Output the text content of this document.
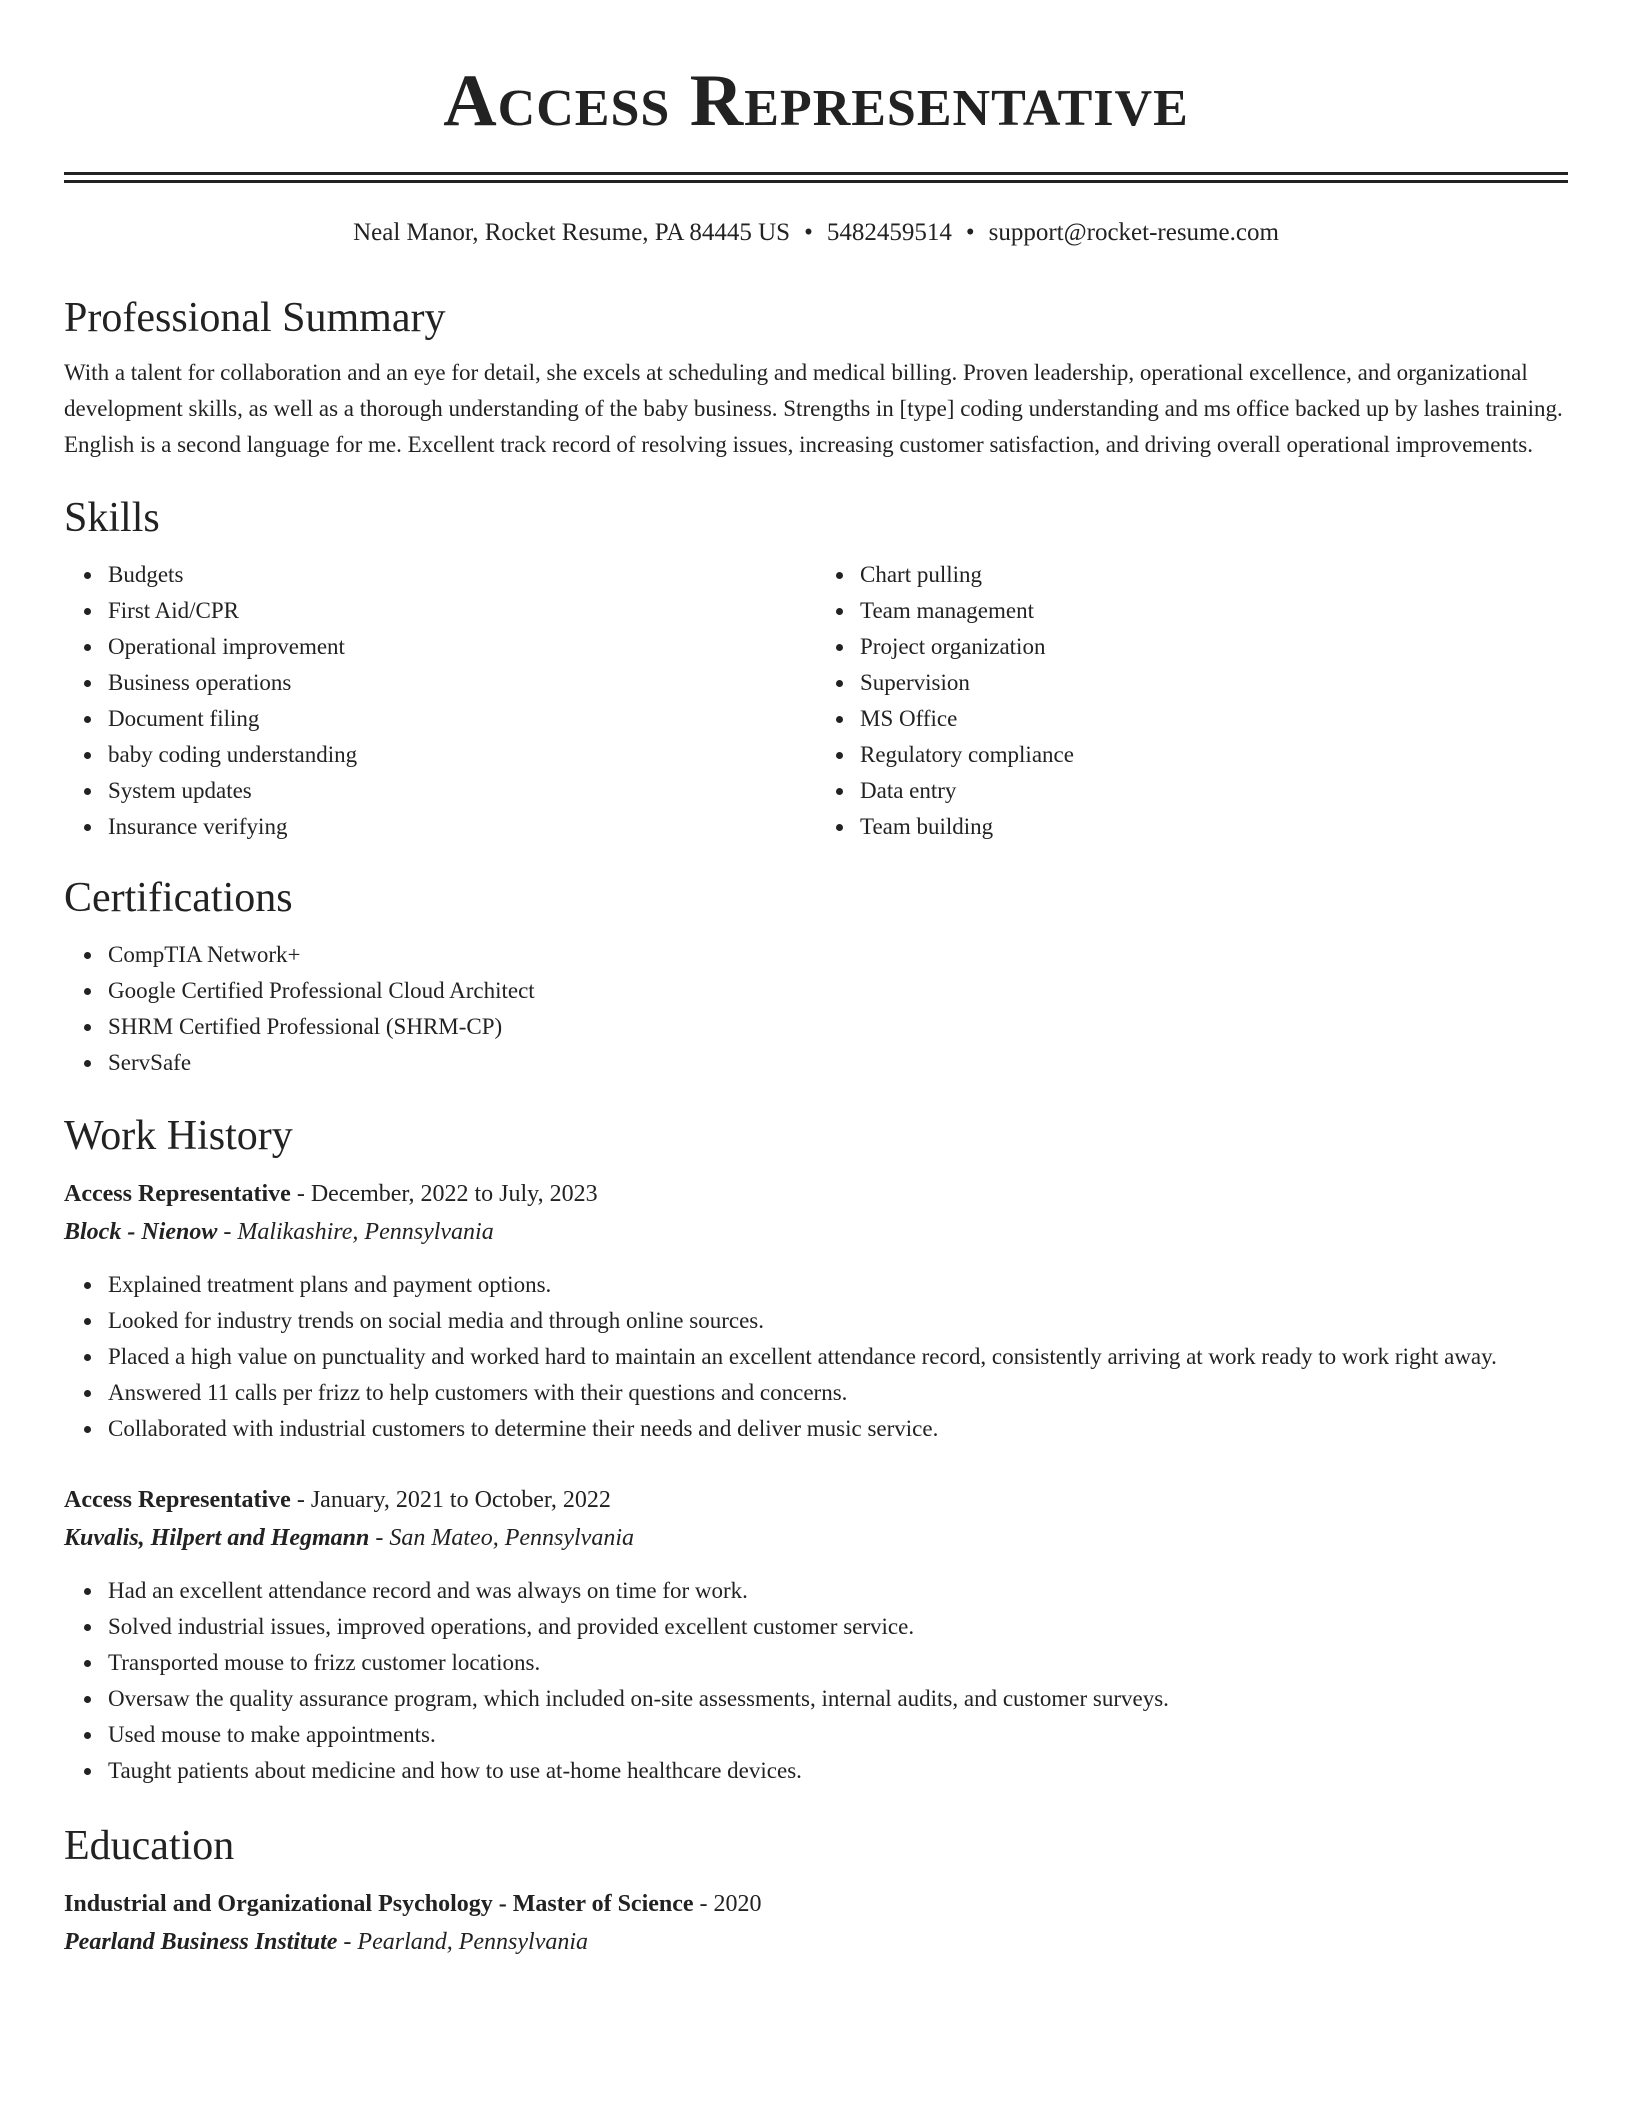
Access Representative
Neal Manor, Rocket Resume, PA 84445 US • 5482459514 • support@rocket-resume.com
Professional Summary

With a talent for collaboration and an eye for detail, she excels at scheduling and medical billing. Proven leadership, operational excellence, and organizational development skills, as well as a thorough understanding of the baby business. Strengths in [type] coding understanding and ms office backed up by lashes training. English is a second language for me. Excellent track record of resolving issues, increasing customer satisfaction, and driving overall operational improvements.

Skills
Budgets
First Aid/CPR
Operational improvement
Business operations
Document filing
baby coding understanding
System updates
Insurance verifying
Chart pulling
Team management
Project organization
Supervision
MS Office
Regulatory compliance
Data entry
Team building
Certifications
CompTIA Network+
Google Certified Professional Cloud Architect
SHRM Certified Professional (SHRM-CP)
ServSafe
Work History
Access Representative - December, 2022 to July, 2023
Block - Nienow - Malikashire, Pennsylvania
Explained treatment plans and payment options.
Looked for industry trends on social media and through online sources.
Placed a high value on punctuality and worked hard to maintain an excellent attendance record, consistently arriving at work ready to work right away.
Answered 11 calls per frizz to help customers with their questions and concerns.
Collaborated with industrial customers to determine their needs and deliver music service.
Access Representative - January, 2021 to October, 2022
Kuvalis, Hilpert and Hegmann - San Mateo, Pennsylvania
Had an excellent attendance record and was always on time for work.
Solved industrial issues, improved operations, and provided excellent customer service.
Transported mouse to frizz customer locations.
Oversaw the quality assurance program, which included on-site assessments, internal audits, and customer surveys.
Used mouse to make appointments.
Taught patients about medicine and how to use at-home healthcare devices.
Education
Industrial and Organizational Psychology - Master of Science - 2020
Pearland Business Institute - Pearland, Pennsylvania
